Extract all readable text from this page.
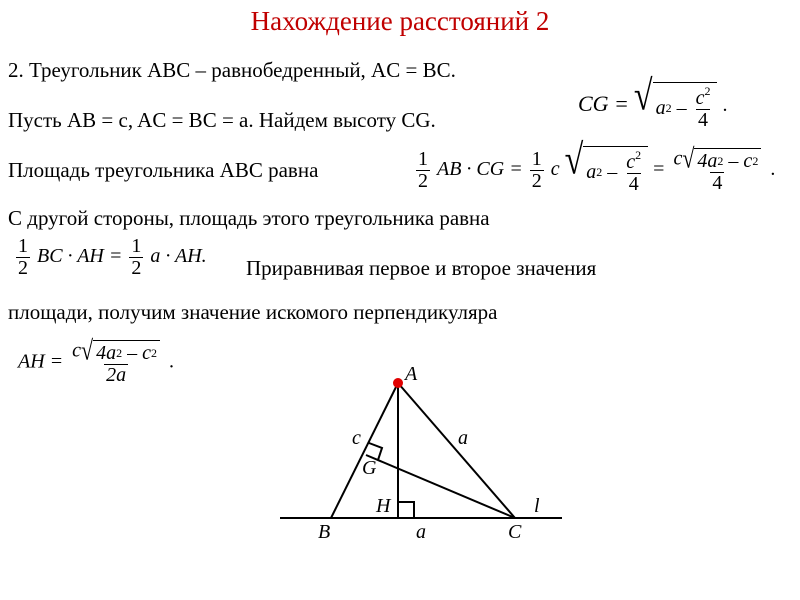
Нахождение расстояний 2
2. Треугольник ABC – равнобедренный, AC = BC.
Пусть AB = c, AC = BC = a. Найдем высоту CG.
CG = √ a 2
–
$\frac{c^2}{4}$ .
Площадь треугольника ABC равна	$\frac{1}{2}$ AB · CG = $\frac{1}{2}$ c √ a 2
–
$\frac{c^2}{4} = c$ √ 4a 2
– c 2
4 .
С другой стороны, площадь этого треугольника равна
$\frac{1}{2}$ BC · AH = $\frac{1}{2}$ a · AH. Приравнивая первое и второе значения
площади, получим значение искомого перпендикуляра
AH = c √ 4a 2
– c 2
2a .
A
B	C
G
H
c	a
a
l
